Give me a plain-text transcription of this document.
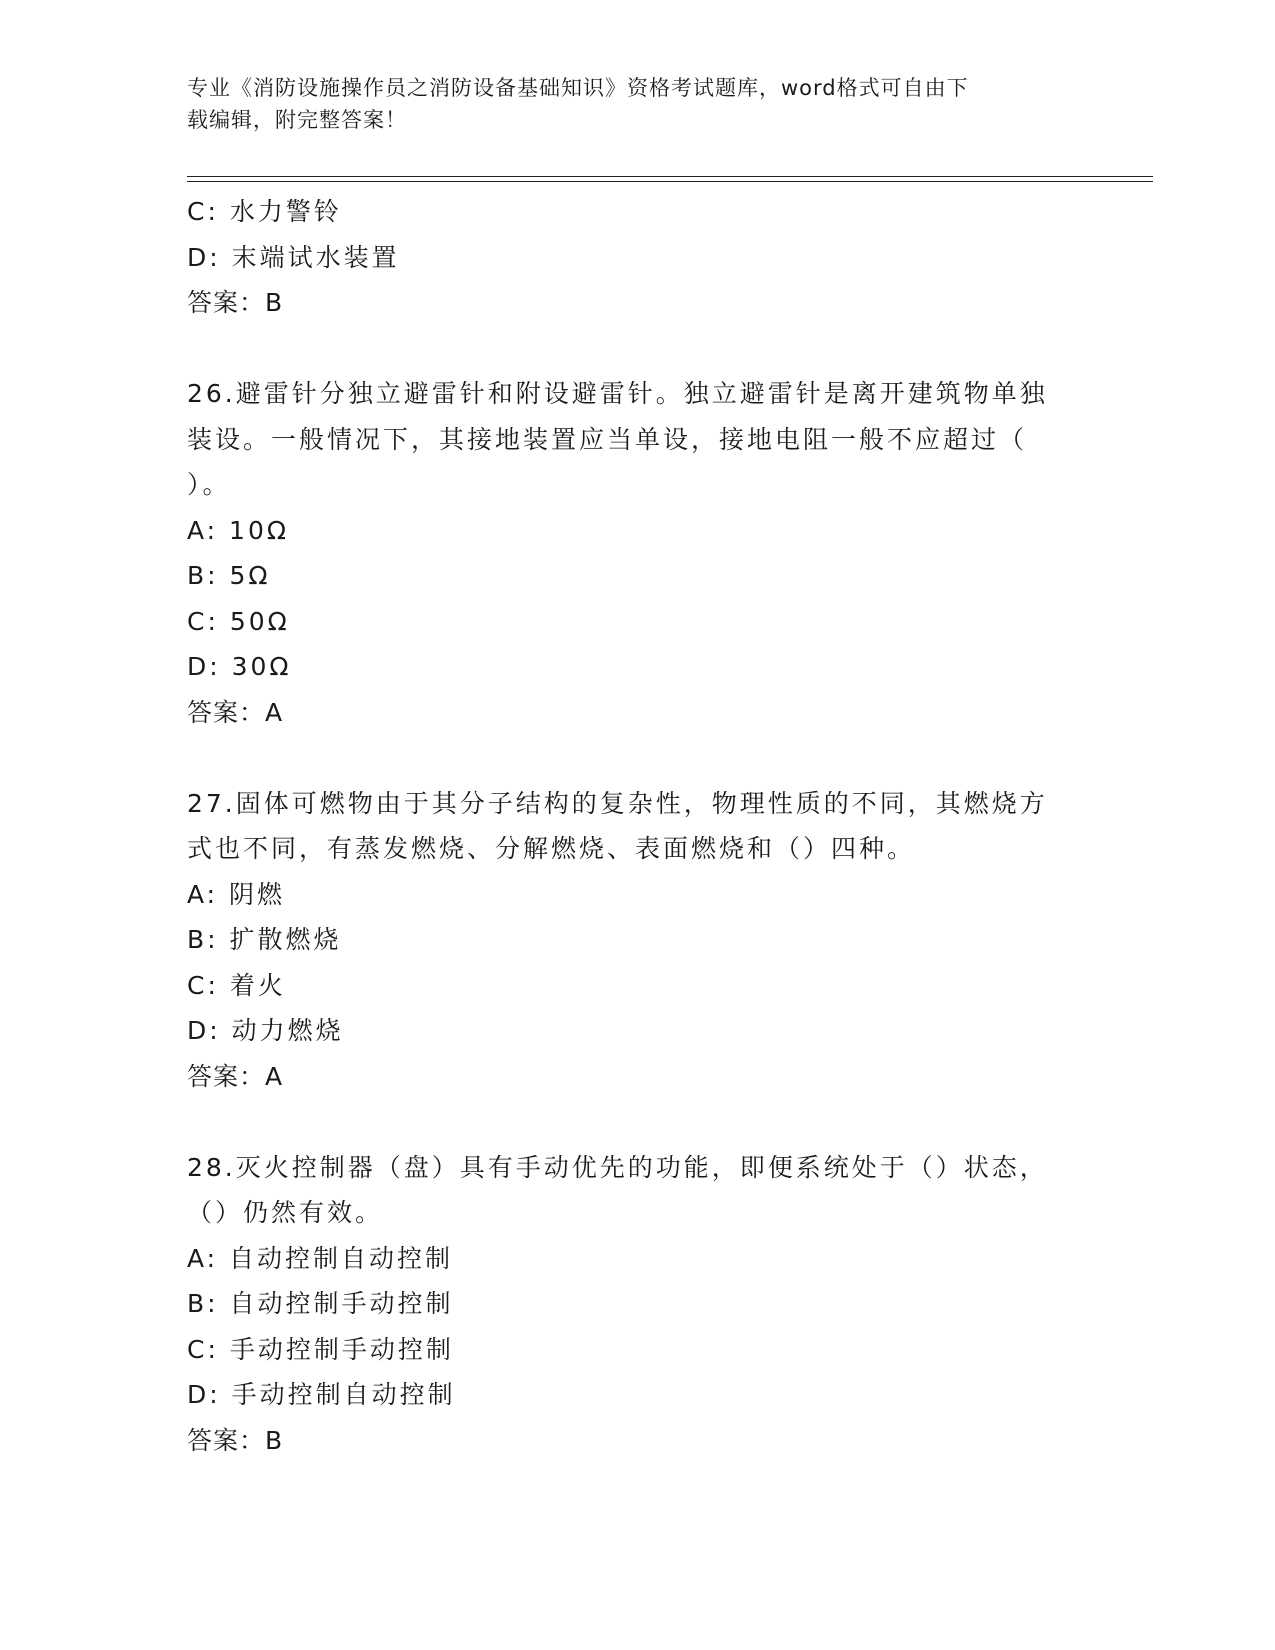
专业《消防设施操作员之消防设备基础知识》资格考试题库，word格式可自由下
载编辑，附完整答案！
C: 水力警铃
D: 末端试水装置
答案：B
26.避雷针分独立避雷针和附设避雷针。独立避雷针是离开建筑物单独
装设。一般情况下，其接地装置应当单设，接地电阻一般不应超过（
）。
A: 10Ω
B: 5Ω
C: 50Ω
D: 30Ω
答案：A
27.固体可燃物由于其分子结构的复杂性，物理性质的不同，其燃烧方
式也不同，有蒸发燃烧、分解燃烧、表面燃烧和（）四种。
A: 阴燃
B: 扩散燃烧
C: 着火
D: 动力燃烧
答案：A
28.灭火控制器（盘）具有手动优先的功能，即便系统处于（）状态，
（）仍然有效。
A: 自动控制自动控制
B: 自动控制手动控制
C: 手动控制手动控制
D: 手动控制自动控制
答案：B
